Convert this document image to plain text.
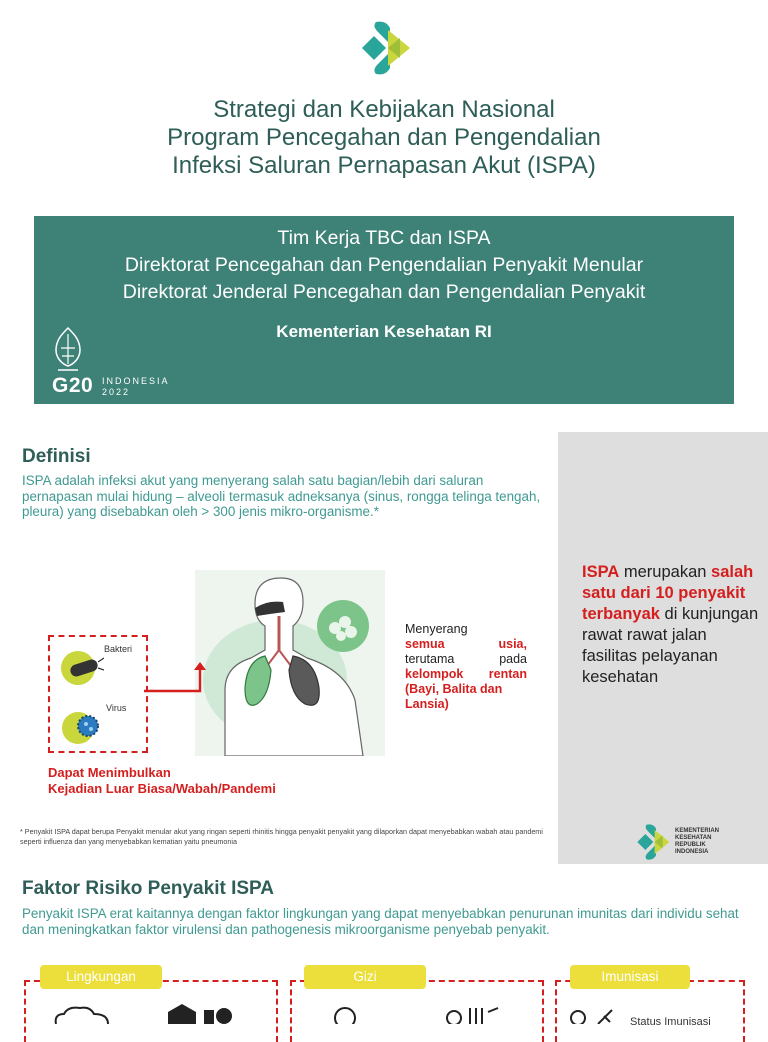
Strategi dan Kebijakan Nasional
Program Pencegahan dan Pengendalian
Infeksi Saluran Pernapasan Akut (ISPA)
Tim Kerja TBC dan ISPA
Direktorat Pencegahan dan Pengendalian Penyakit Menular
Direktorat Jenderal Pencegahan dan Pengendalian Penyakit
Kementerian Kesehatan RI
G20 INDONESIA
2022
Definisi
ISPA adalah infeksi akut yang menyerang salah satu bagian/lebih dari saluran pernapasan mulai hidung – alveoli termasuk adneksanya (sinus, rongga telinga tengah, pleura) yang disebabkan oleh > 300 jenis mikro-organisme.*
ISPA merupakan salah satu dari 10 penyakit terbanyak di kunjungan rawat rawat jalan fasilitas pelayanan kesehatan
KEMENTERIAN
KESEHATAN
REPUBLIK
INDONESIA
Bakteri
Virus
Menyerang
semua usia,
terutama pada
kelompok rentan
(Bayi, Balita dan Lansia)
Dapat Menimbulkan
Kejadian Luar Biasa/Wabah/Pandemi
* Penyakit ISPA dapat berupa Penyakit menular akut yang ringan seperti rhinitis hingga penyakit penyakit yang dilaporkan dapat menyebabkan wabah atau pandemi seperti influenza dan yang menyebabkan kematian yaitu pneumonia
Faktor Risiko Penyakit ISPA
Penyakit ISPA erat kaitannya dengan faktor lingkungan yang dapat menyebabkan penurunan imunitas dari individu sehat dan meningkatkan faktor virulensi dan pathogenesis mikroorganisme penyebab penyakit.
Lingkungan	Gizi	Imunisasi
Status Imunisasi
